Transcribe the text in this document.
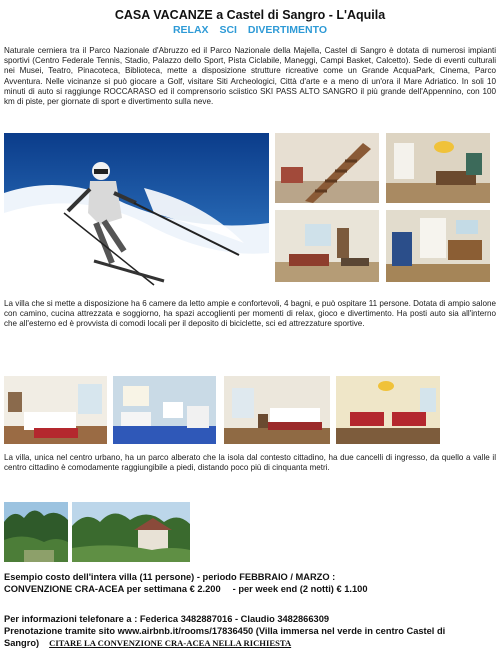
CASA VACANZE a Castel di Sangro - L'Aquila
RELAX SCI DIVERTIMENTO
Naturale cerniera tra il Parco Nazionale d'Abruzzo ed il Parco Nazionale della Majella, Castel di Sangro è dotata di numerosi impianti sportivi (Centro Federale Tennis, Stadio, Palazzo dello Sport, Pista Ciclabile, Maneggi, Campi Basket, Calcetto). Sede di eventi culturali nei Musei, Teatro, Pinacoteca, Biblioteca, mette a disposizione strutture ricreative come un Grande AcquaPark, Cinema, Parco Avventura. Nelle vicinanze si può giocare a Golf, visitare Siti Archeologici, Città d'arte e a meno di un'ora il Mare Adriatico. In soli 10 minuti di auto si raggiunge ROCCARASO ed il comprensorio sciistico SKI PASS ALTO SANGRO il più grande dell'Appennino, con 100 km di piste, per giornate di sport e divertimento sulla neve.
La villa che si mette a disposizione ha 6 camere da letto ampie e confortevoli, 4 bagni, e può ospitare 11 persone. Dotata di ampio salone con camino, cucina attrezzata e soggiorno, ha spazi accoglienti per momenti di relax, gioco e divertimento. Ha posti auto sia all'interno che all'esterno ed è provvista di comodi locali per il deposito di biciclette, sci ed attrezzature sportive.
La villa, unica nel centro urbano, ha un parco alberato che la isola dal contesto cittadino, ha due cancelli di ingresso, da quello a valle il centro cittadino è comodamente raggiungibile a piedi, distando poco più di cinquanta metri.
Esempio costo dell'intera villa (11 persone) - periodo FEBBRAIO / MARZO :
CONVENZIONE CRA-ACEA per settimana € 2.200 - per week end (2 notti) € 1.100
Per informazioni telefonare a : Federica 3482887016 - Claudio 3482866309
Prenotazione tramite sito www.airbnb.it/rooms/17836450 (Villa immersa nel verde in centro Castel di Sangro) CITARE LA CONVENZIONE CRA-ACEA NELLA RICHIESTA
